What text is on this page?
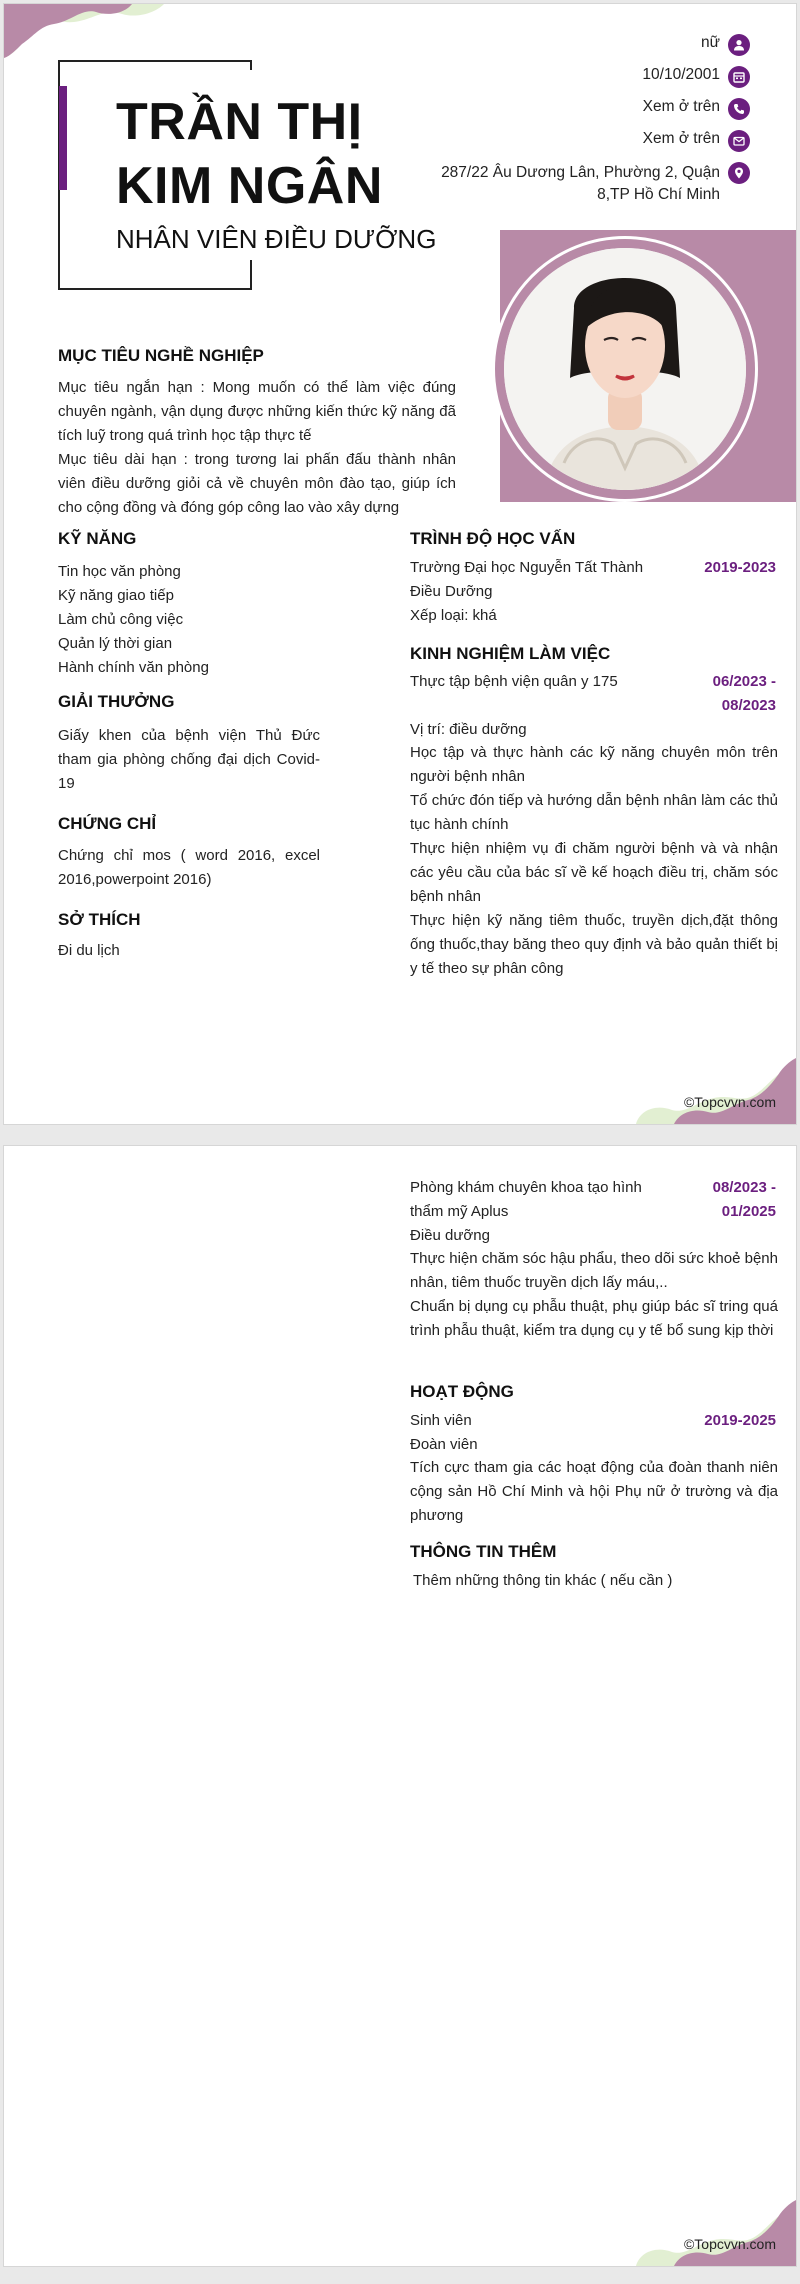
TRẦN THỊ
KIM NGÂN
NHÂN VIÊN ĐIỀU DƯỠNG
nữ
10/10/2001
Xem ở trên
Xem ở trên
287/22 Âu Dương Lân, Phường 2, Quận 8,TP Hồ Chí Minh
MỤC TIÊU NGHỀ NGHIỆP
Mục tiêu ngắn hạn : Mong muốn có thể làm việc đúng chuyên ngành, vận dụng được những kiến thức kỹ năng đã tích luỹ trong quá trình học tập thực tế
Mục tiêu dài hạn : trong tương lai phấn đấu thành nhân viên điều dưỡng giỏi cả về chuyên môn đào tạo, giúp ích cho cộng đồng và đóng góp công lao vào xây dựng
KỸ NĂNG
Tin học văn phòng
Kỹ năng giao tiếp
Làm chủ công việc
Quản lý thời gian
Hành chính văn phòng
GIẢI THƯỞNG
Giấy khen của bệnh viện Thủ Đức tham gia phòng chống đại dịch Covid-19
CHỨNG CHỈ
Chứng chỉ mos ( word 2016, excel 2016,powerpoint 2016)
SỞ THÍCH
Đi du lịch
TRÌNH ĐỘ HỌC VẤN
Trường Đại học Nguyễn Tất Thành	2019-2023
Điều Dưỡng
Xếp loại: khá
KINH NGHIỆM LÀM VIỆC
Thực tập bệnh viện quân y 175	06/2023 -
08/2023
Vị trí: điều dưỡng
Học tập và thực hành các kỹ năng chuyên môn trên người bệnh nhân
Tổ chức đón tiếp và hướng dẫn bệnh nhân làm các thủ tục hành chính
Thực hiện nhiệm vụ đi chăm người bệnh và và nhận các yêu cầu của bác sĩ về kế hoạch điều trị, chăm sóc bệnh nhân
Thực hiện kỹ năng tiêm thuốc, truyền dịch,đặt thông ống thuốc,thay băng theo quy định và bảo quản thiết bị y tế theo sự phân công
©Topcvvn.com
Phòng khám chuyên khoa tạo hình thẩm mỹ Aplus
08/2023 -
01/2025
Điều dưỡng
Thực hiện chăm sóc hậu phẩu, theo dõi sức khoẻ bệnh nhân, tiêm thuốc truyền dịch lấy máu,..
Chuẩn bị dụng cụ phẫu thuật, phụ giúp bác sĩ tring quá trình phẫu thuật, kiểm tra dụng cụ y tế bổ sung kịp thời
HOẠT ĐỘNG
Sinh viên	2019-2025
Đoàn viên
Tích cực tham gia các hoạt động của đoàn thanh niên cộng sản Hồ Chí Minh và hội Phụ nữ ở trường và địa phương
THÔNG TIN THÊM
Thêm những thông tin khác ( nếu cần )
©Topcvvn.com
